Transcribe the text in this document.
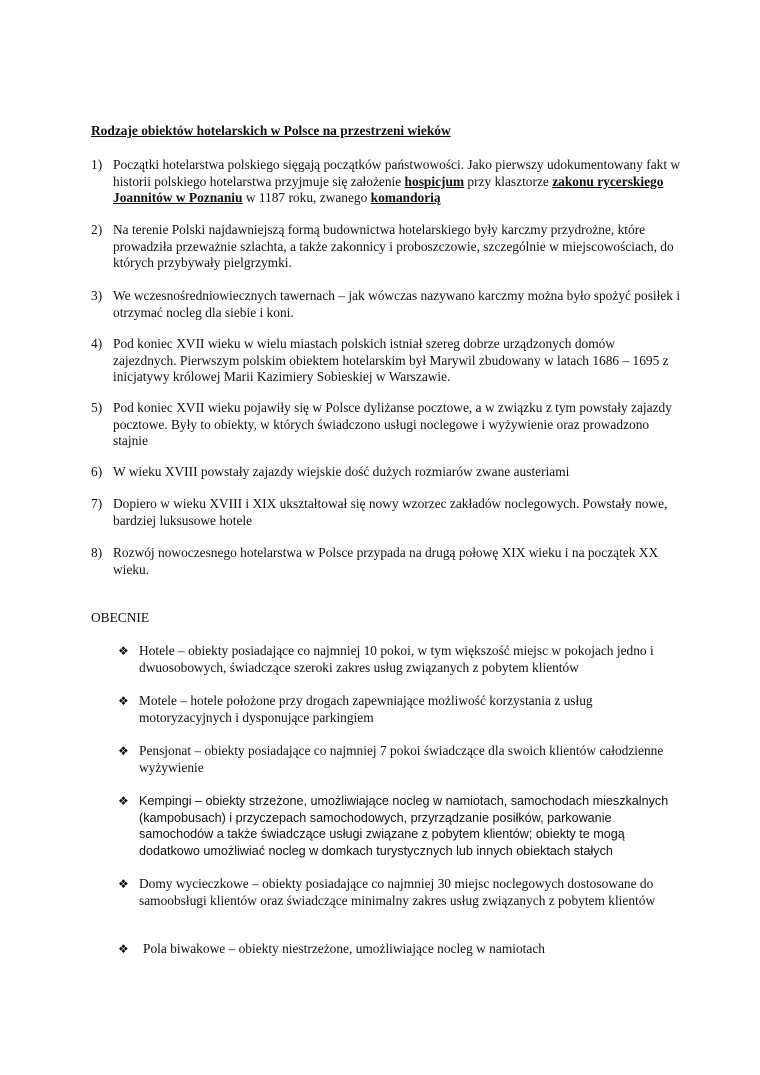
Rodzaje obiektów hotelarskich w Polsce na przestrzeni wieków
1) Początki hotelarstwa polskiego sięgają początków państwowości. Jako pierwszy udokumentowany fakt w historii polskiego hotelarstwa przyjmuje się założenie hospicjum przy klasztorze zakonu rycerskiego Joannitów w Poznaniu w 1187 roku, zwanego komandorią
2) Na terenie Polski najdawniejszą formą budownictwa hotelarskiego były karczmy przydrożne, które prowadziła przeważnie szlachta, a także zakonnicy i proboszczowie, szczególnie w miejscowościach, do których przybywały pielgrzymki.
3) We wczesnośredniowiecznych tawernach – jak wówczas nazywano karczmy można było spożyć posiłek i otrzymać nocleg dla siebie i koni.
4) Pod koniec XVII wieku w wielu miastach polskich istniał szereg dobrze urządzonych domów zajezdnych. Pierwszym polskim obiektem hotelarskim był Marywil zbudowany w latach 1686 – 1695 z inicjatywy królowej Marii Kazimiery Sobieskiej w Warszawie.
5) Pod koniec XVII wieku pojawiły się w Polsce dyliżanse pocztowe, a w związku z tym powstały zajazdy pocztowe. Były to obiekty, w których świadczono usługi noclegowe i wyżywienie oraz prowadzono stajnie
6) W wieku XVIII powstały zajazdy wiejskie dość dużych rozmiarów zwane austeriami
7) Dopiero w wieku XVIII i XIX ukształtował się nowy wzorzec zakładów noclegowych. Powstały nowe, bardziej luksusowe hotele
8) Rozwój nowoczesnego hotelarstwa w Polsce przypada na drugą połowę XIX wieku i na początek XX wieku.
OBECNIE
❖ Hotele – obiekty posiadające co najmniej 10 pokoi, w tym większość miejsc w pokojach jedno i dwuosobowych, świadczące szeroki zakres usług związanych z pobytem klientów
❖ Motele – hotele położone przy drogach zapewniające możliwość korzystania z usług motoryzacyjnych i dysponujące parkingiem
❖ Pensjonat – obiekty posiadające co najmniej 7 pokoi świadczące dla swoich klientów całodzienne wyżywienie
❖ Kempingi – obiekty strzeżone, umożliwiające nocleg w namiotach, samochodach mieszkalnych (kampobusach) i przyczepach samochodowych, przyrządzanie posiłków, parkowanie samochodów a także świadczące usługi związane z pobytem klientów; obiekty te mogą dodatkowo umożliwiać nocleg w domkach turystycznych lub innych obiektach stałych
❖ Domy wycieczkowe – obiekty posiadające co najmniej 30 miejsc noclegowych dostosowane do samoobsługi klientów oraz świadczące minimalny zakres usług związanych z pobytem klientów
❖ Pola biwakowe – obiekty niestrzeżone, umożliwiające nocleg w namiotach
